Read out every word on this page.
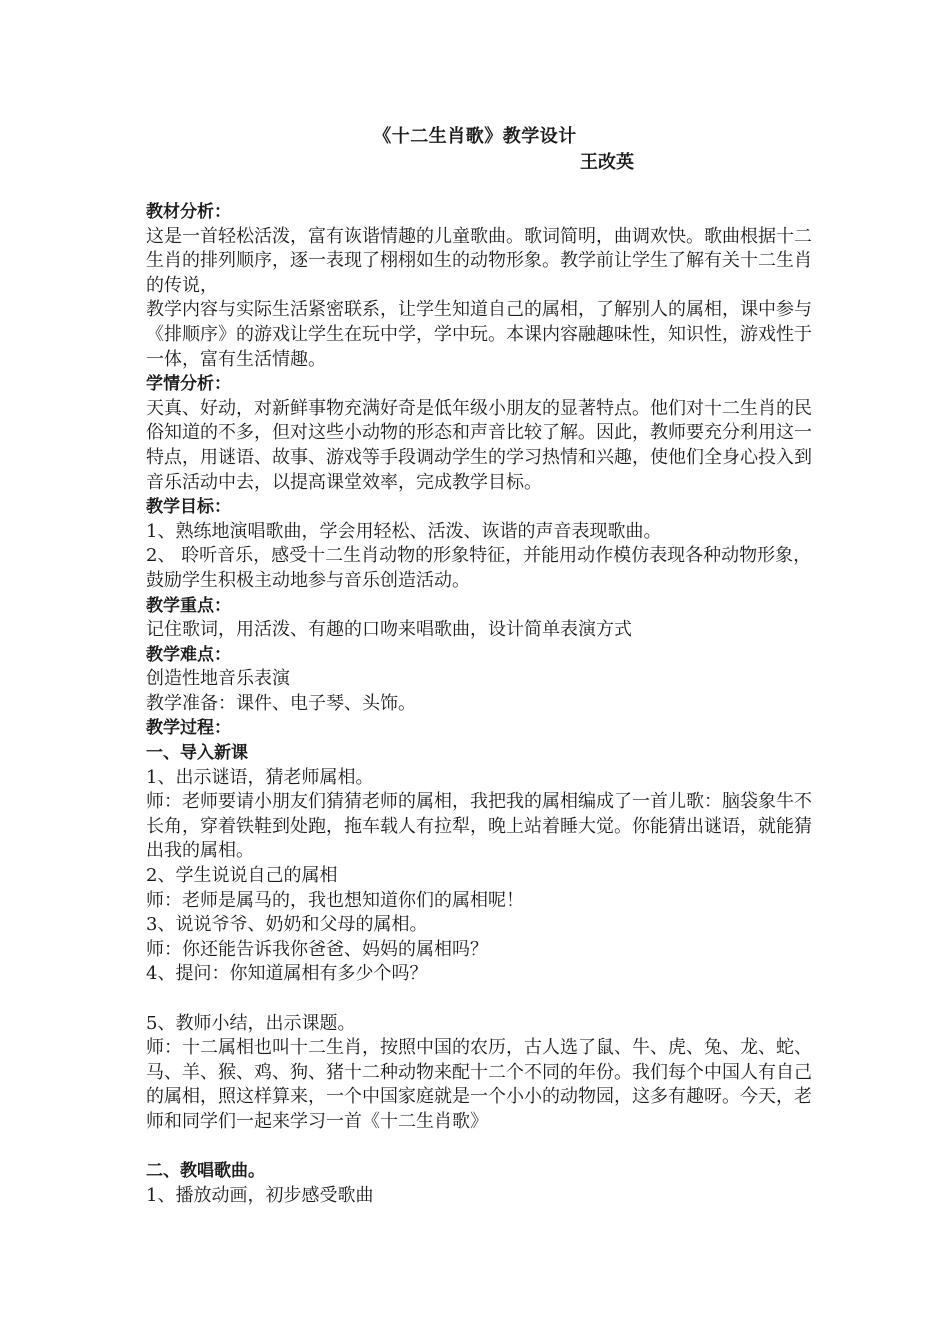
《十二生肖歌》教学设计
王改英

教材分析：

这是一首轻松活泼，富有诙谐情趣的儿童歌曲。歌词简明，曲调欢快。歌曲根据十二生肖的排列顺序，逐一表现了栩栩如生的动物形象。教学前让学生了解有关十二生肖的传说，

教学内容与实际生活紧密联系，让学生知道自己的属相，了解别人的属相，课中参与《排顺序》的游戏让学生在玩中学，学中玩。本课内容融趣味性，知识性，游戏性于一体，富有生活情趣。

学情分析：

天真、好动，对新鲜事物充满好奇是低年级小朋友的显著特点。他们对十二生肖的民俗知道的不多，但对这些小动物的形态和声音比较了解。因此，教师要充分利用这一特点，用谜语、故事、游戏等手段调动学生的学习热情和兴趣，使他们全身心投入到音乐活动中去，以提高课堂效率，完成教学目标。

教学目标：

1、熟练地演唱歌曲，学会用轻松、活泼、诙谐的声音表现歌曲。

2、 聆听音乐，感受十二生肖动物的形象特征，并能用动作模仿表现各种动物形象，鼓励学生积极主动地参与音乐创造活动。

教学重点：

记住歌词，用活泼、有趣的口吻来唱歌曲，设计简单表演方式

教学难点：

创造性地音乐表演

教学准备：课件、电子琴、头饰。

教学过程：

一、导入新课

1、出示谜语，猜老师属相。

师：老师要请小朋友们猜猜老师的属相，我把我的属相编成了一首儿歌：脑袋象牛不长角，穿着铁鞋到处跑，拖车载人有拉犁，晚上站着睡大觉。你能猜出谜语，就能猜出我的属相。

2、学生说说自己的属相

师：老师是属马的，我也想知道你们的属相呢！

3、说说爷爷、奶奶和父母的属相。

师：你还能告诉我你爸爸、妈妈的属相吗？

4、提问：你知道属相有多少个吗？

5、教师小结，出示课题。

师：十二属相也叫十二生肖，按照中国的农历，古人选了鼠、牛、虎、兔、龙、蛇、马、羊、猴、鸡、狗、猪十二种动物来配十二个不同的年份。我们每个中国人有自己的属相，照这样算来，一个中国家庭就是一个小小的动物园，这多有趣呀。今天，老师和同学们一起来学习一首《十二生肖歌》

二、教唱歌曲。

1、播放动画，初步感受歌曲
